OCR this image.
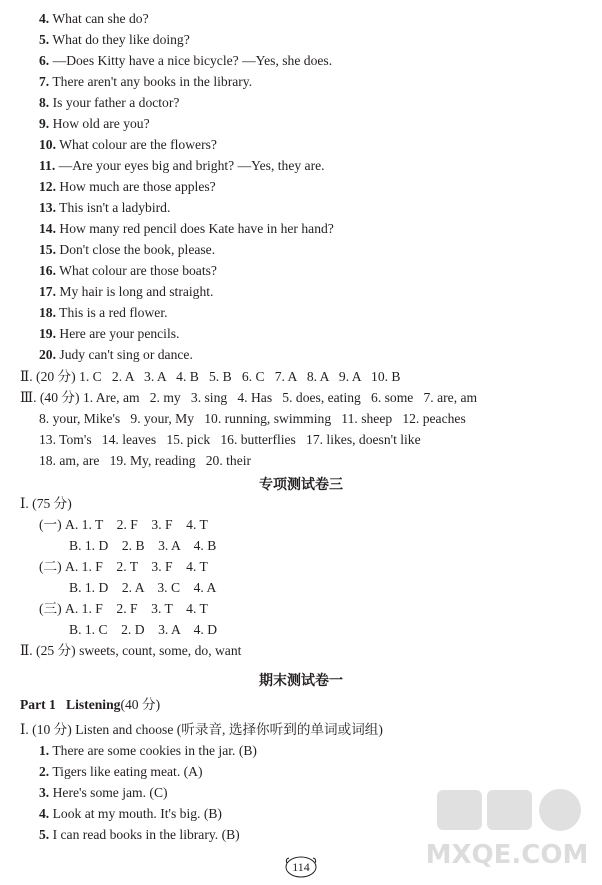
4. What can she do?
5. What do they like doing?
6. —Does Kitty have a nice bicycle? —Yes, she does.
7. There aren't any books in the library.
8. Is your father a doctor?
9. How old are you?
10. What colour are the flowers?
11. —Are your eyes big and bright? —Yes, they are.
12. How much are those apples?
13. This isn't a ladybird.
14. How many red pencil does Kate have in her hand?
15. Don't close the book, please.
16. What colour are those boats?
17. My hair is long and straight.
18. This is a red flower.
19. Here are your pencils.
20. Judy can't sing or dance.
Ⅱ. (20 分) 1. C   2. A   3. A   4. B   5. B   6. C   7. A   8. A   9. A   10. B
Ⅲ. (40 分) 1. Are, am   2. my   3. sing   4. Has   5. does, eating   6. some   7. are, am
8. your, Mike's   9. your, My   10. running, swimming   11. sheep   12. peaches
13. Tom's   14. leaves   15. pick   16. butterflies   17. likes, doesn't like
18. am, are   19. My, reading   20. their
专项测试卷三
Ⅰ. (75 分)
(一) A. 1. T    2. F    3. F    4. T
B. 1. D    2. B    3. A    4. B
(二) A. 1. F    2. T    3. F    4. T
B. 1. D    2. A    3. C    4. A
(三) A. 1. F    2. F    3. T    4. T
B. 1. C    2. D    3. A    4. D
Ⅱ. (25 分) sweets, count, some, do, want
期末测试卷一
Part 1   Listening(40 分)
Ⅰ. (10 分) Listen and choose (听录音, 选择你听到的单词或词组)
1. There are some cookies in the jar. (B)
2. Tigers like eating meat. (A)
3. Here's some jam. (C)
4. Look at my mouth. It's big. (B)
5. I can read books in the library. (B)
114	MXQE.COM
